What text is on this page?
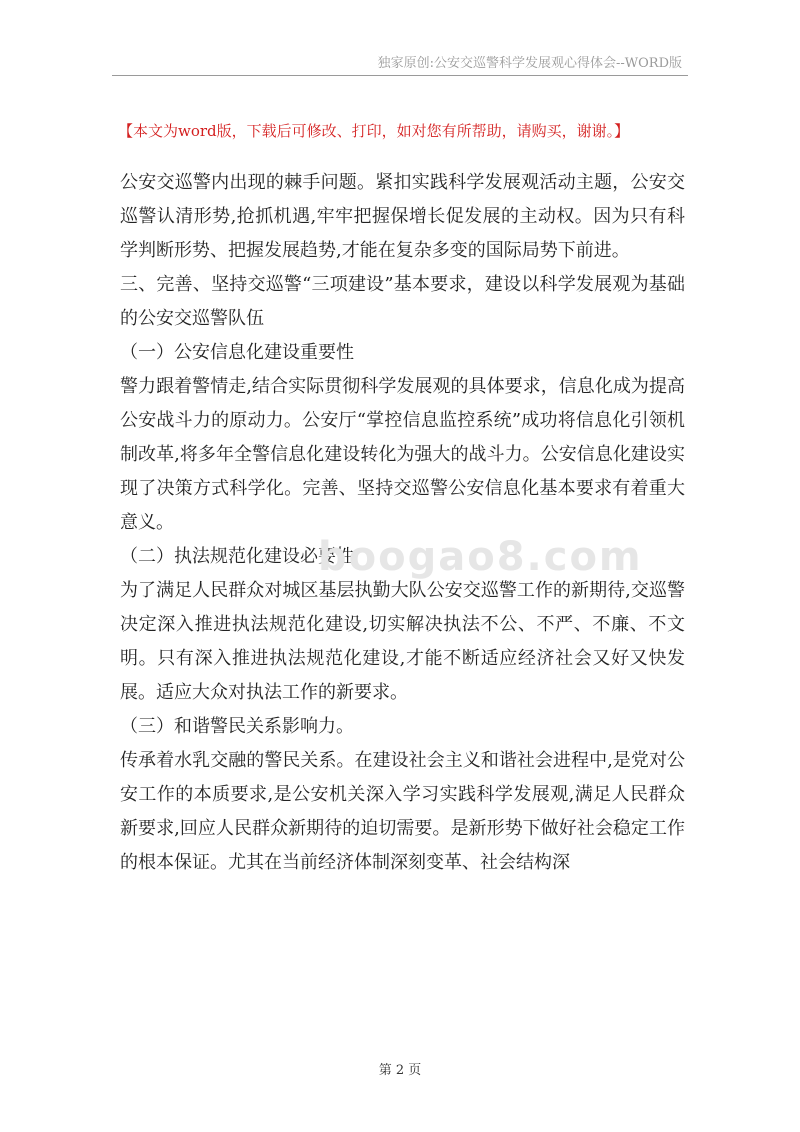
独家原创:公安交巡警科学发展观心得体会--WORD版
【本文为word版，下载后可修改、打印，如对您有所帮助，请购买，谢谢。】

公安交巡警内出现的棘手问题。紧扣实践科学发展观活动主题，公安交巡警认清形势,抢抓机遇,牢牢把握保增长促发展的主动权。因为只有科学判断形势、把握发展趋势,才能在复杂多变的国际局势下前进。

三、完善、坚持交巡警“三项建设”基本要求，建设以科学发展观为基础的公安交巡警队伍

（一）公安信息化建设重要性

警力跟着警情走,结合实际贯彻科学发展观的具体要求，信息化成为提高公安战斗力的原动力。公安厅“掌控信息监控系统”成功将信息化引领机制改革,将多年全警信息化建设转化为强大的战斗力。公安信息化建设实现了决策方式科学化。完善、坚持交巡警公安信息化基本要求有着重大意义。

（二）执法规范化建设必要性

为了满足人民群众对城区基层执勤大队公安交巡警工作的新期待,交巡警决定深入推进执法规范化建设,切实解决执法不公、不严、不廉、不文明。只有深入推进执法规范化建设,才能不断适应经济社会又好又快发展。适应大众对执法工作的新要求。

（三）和谐警民关系影响力。

传承着水乳交融的警民关系。在建设社会主义和谐社会进程中,是党对公安工作的本质要求,是公安机关深入学习实践科学发展观,满足人民群众新要求,回应人民群众新期待的迫切需要。是新形势下做好社会稳定工作的根本保证。尤其在当前经济体制深刻变革、社会结构深

boogao8.com
第 2 页
